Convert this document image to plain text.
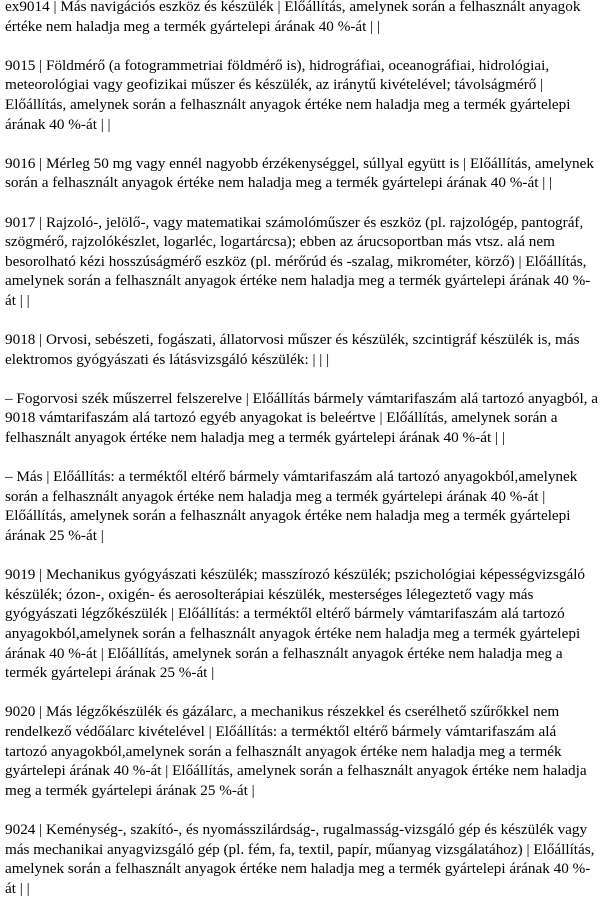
ex9014 | Más navigációs eszköz és készülék | Előállítás, amelynek során a felhasznált anyagok értéke nem haladja meg a termék gyártelepi árának 40 %-át | |

9015 | Földmérő (a fotogrammetriai földmérő is), hidrográfiai, oceanográfiai, hidrológiai, meteorológiai vagy geofizikai műszer és készülék, az iránytű kivételével; távolságmérő | Előállítás, amelynek során a felhasznált anyagok értéke nem haladja meg a termék gyártelepi árának 40 %-át | |

9016 | Mérleg 50 mg vagy ennél nagyobb érzékenységgel, súllyal együtt is | Előállítás, amelynek során a felhasznált anyagok értéke nem haladja meg a termék gyártelepi árának 40 %-át | |

9017 | Rajzoló-, jelölő-, vagy matematikai számolóműszer és eszköz (pl. rajzológép, pantográf, szögmérő, rajzolókészlet, logarléc, logartárcsa); ebben az árucsoportban más vtsz. alá nem besorolható kézi hosszúságmérő eszköz (pl. mérőrúd és -szalag, mikrométer, körző) | Előállítás, amelynek során a felhasznált anyagok értéke nem haladja meg a termék gyártelepi árának 40 %-át | |

9018 | Orvosi, sebészeti, fogászati, állatorvosi műszer és készülék, szcintigráf készülék is, más elektromos gyógyászati és látásvizsgáló készülék: | | |

– Fogorvosi szék műszerrel felszerelve | Előállítás bármely vámtarifaszám alá tartozó anyagból, a 9018 vámtarifaszám alá tartozó egyéb anyagokat is beleértve | Előállítás, amelynek során a felhasznált anyagok értéke nem haladja meg a termék gyártelepi árának 40 %-át | |

– Más | Előállítás: a terméktől eltérő bármely vámtarifaszám alá tartozó anyagokból,amelynek során a felhasznált anyagok értéke nem haladja meg a termék gyártelepi árának 40 %-át | Előállítás, amelynek során a felhasznált anyagok értéke nem haladja meg a termék gyártelepi árának 25 %-át |

9019 | Mechanikus gyógyászati készülék; masszírozó készülék; pszichológiai képességvizsgáló készülék; ózon-, oxigén- és aerosolterápiai készülék, mesterséges lélegeztető vagy más gyógyászati légzőkészülék | Előállítás: a terméktől eltérő bármely vámtarifaszám alá tartozó anyagokból,amelynek során a felhasznált anyagok értéke nem haladja meg a termék gyártelepi árának 40 %-át | Előállítás, amelynek során a felhasznált anyagok értéke nem haladja meg a termék gyártelepi árának 25 %-át |

9020 | Más légzőkészülék és gázálarc, a mechanikus részekkel és cserélhető szűrőkkel nem rendelkező védőálarc kivételével | Előállítás: a terméktől eltérő bármely vámtarifaszám alá tartozó anyagokból,amelynek során a felhasznált anyagok értéke nem haladja meg a termék gyártelepi árának 40 %-át | Előállítás, amelynek során a felhasznált anyagok értéke nem haladja meg a termék gyártelepi árának 25 %-át |

9024 | Keménység-, szakító-, és nyomásszilárdság-, rugalmasság-vizsgáló gép és készülék vagy más mechanikai anyagvizsgáló gép (pl. fém, fa, textil, papír, műanyag vizsgálatához) | Előállítás, amelynek során a felhasznált anyagok értéke nem haladja meg a termék gyártelepi árának 40 %-át | |
